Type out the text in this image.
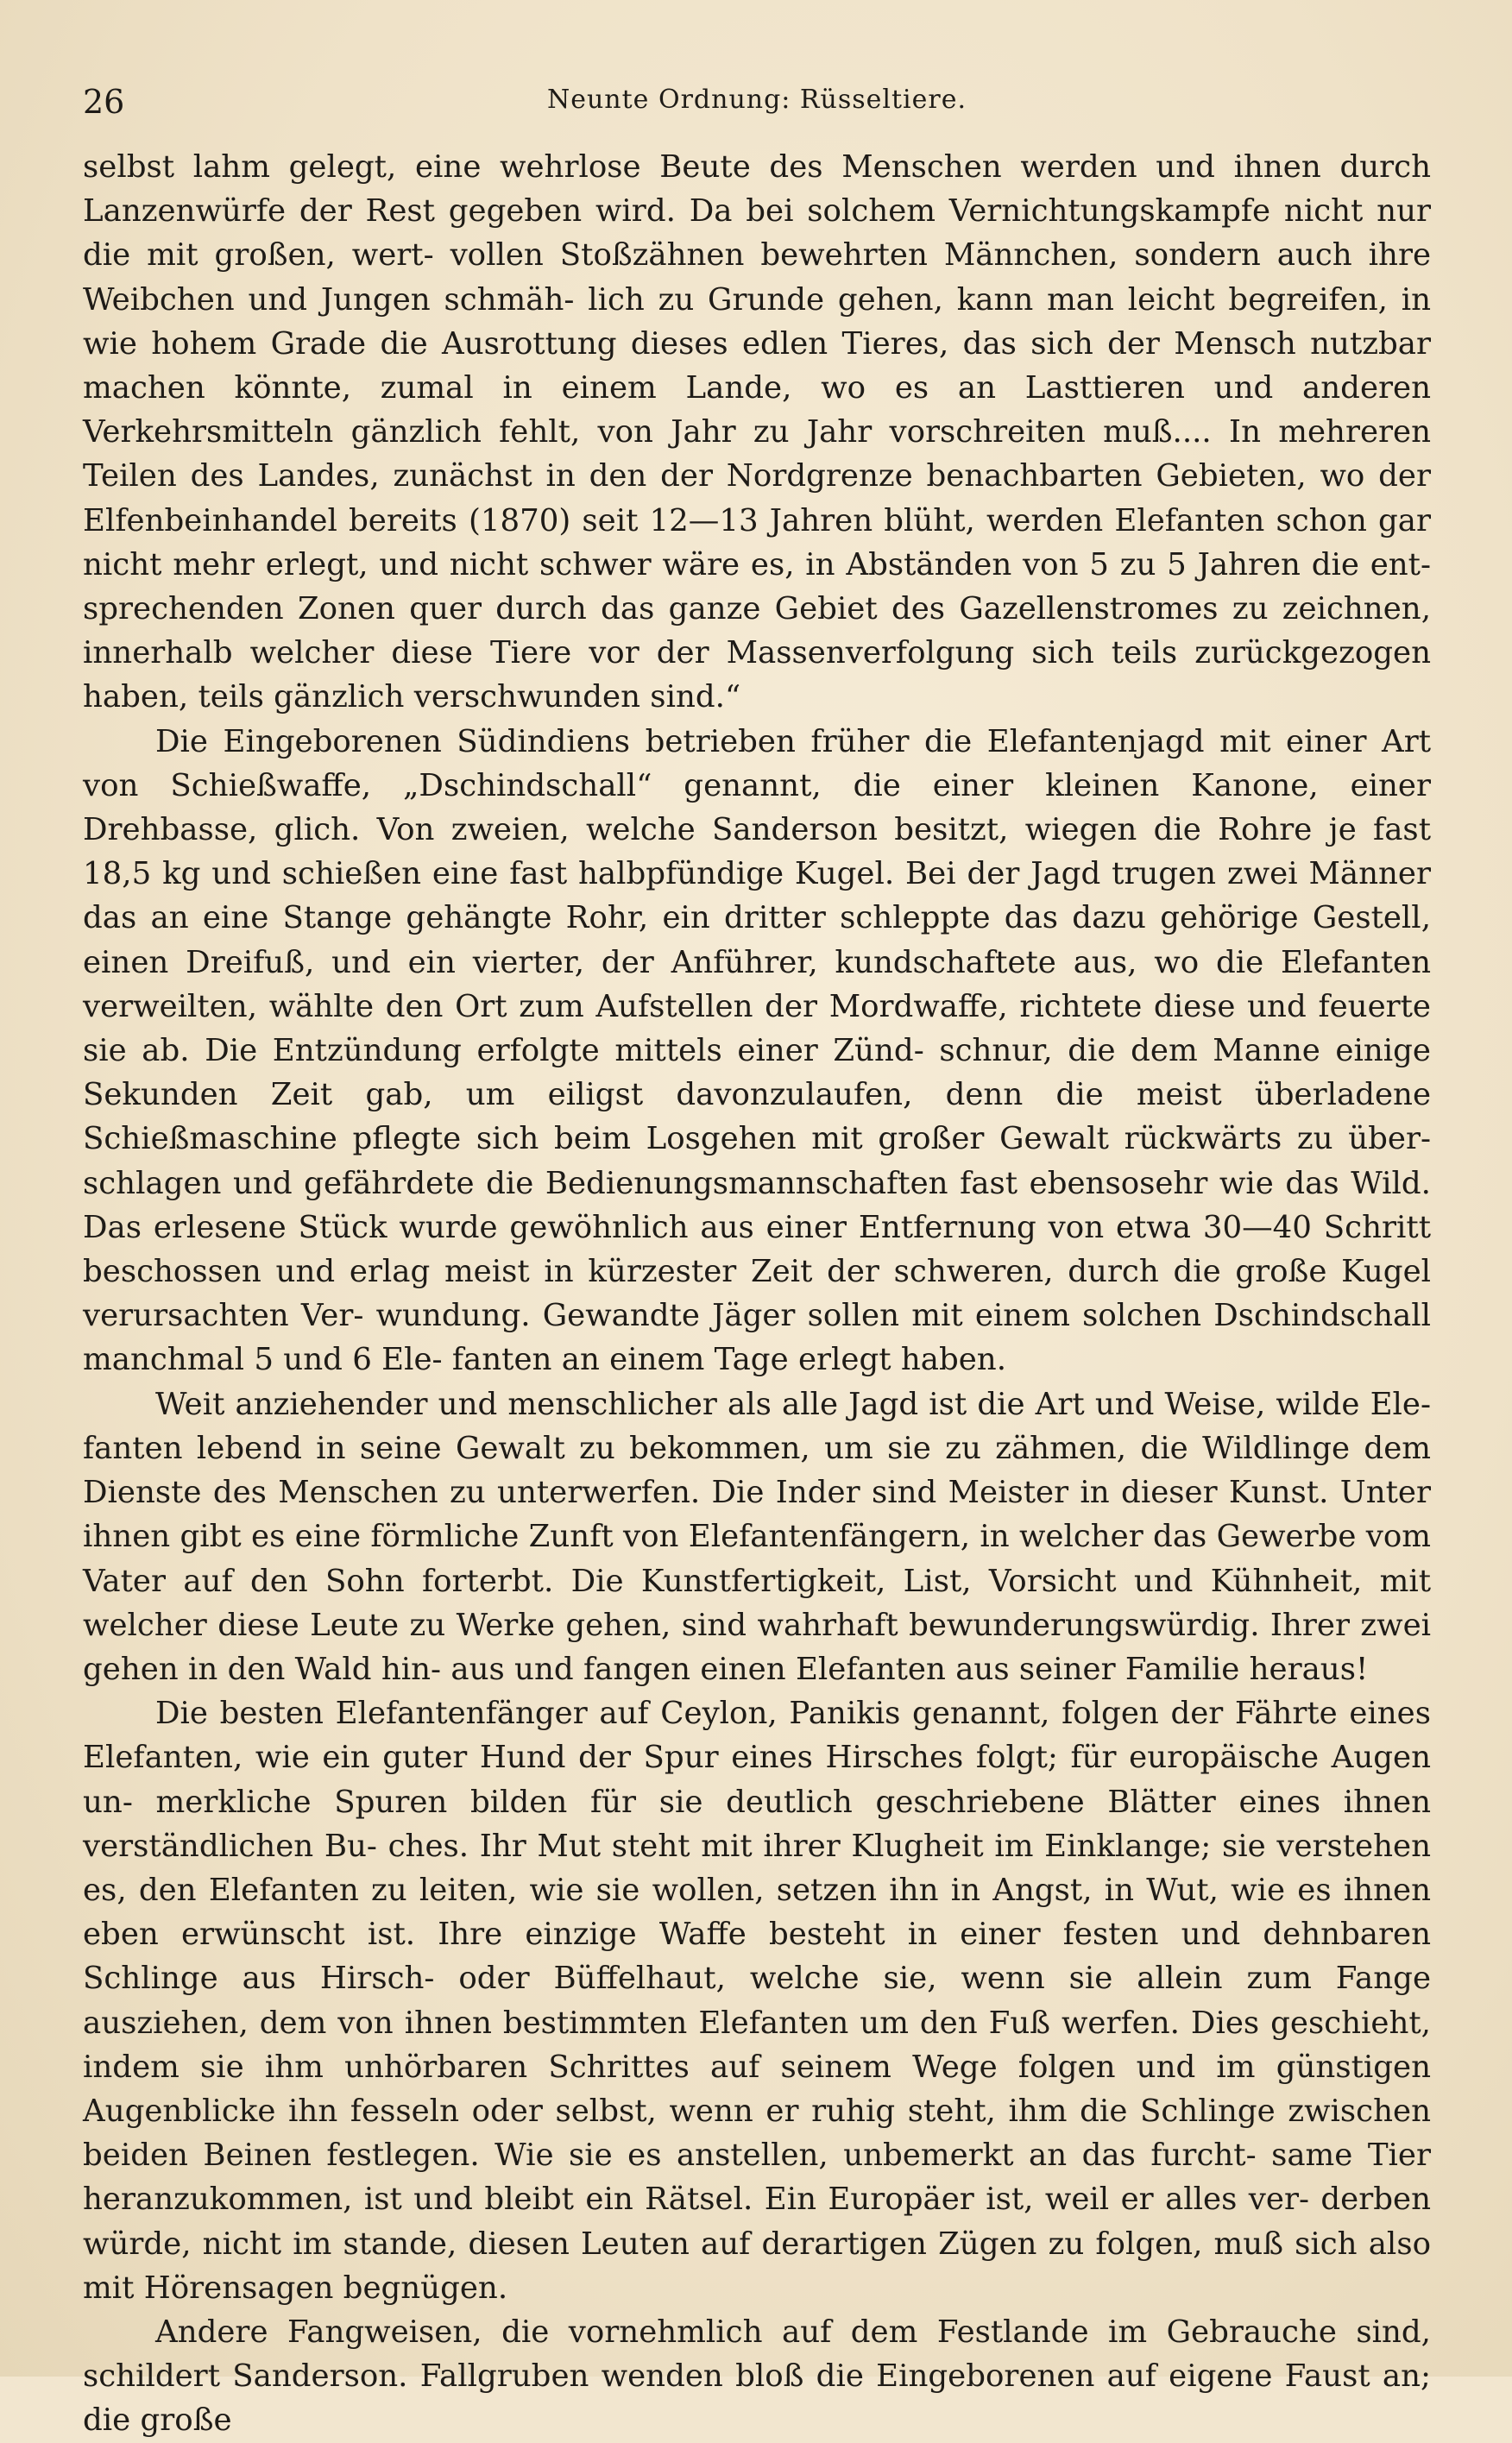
26	Neunte Ordnung: Rüsseltiere.

selbst lahm gelegt, eine wehrlose Beute des Menschen werden und ihnen durch Lanzenwürfe der Rest gegeben wird. Da bei solchem Vernichtungskampfe nicht nur die mit großen, wert- vollen Stoßzähnen bewehrten Männchen, sondern auch ihre Weibchen und Jungen schmäh- lich zu Grunde gehen, kann man leicht begreifen, in wie hohem Grade die Ausrottung dieses edlen Tieres, das sich der Mensch nutzbar machen könnte, zumal in einem Lande, wo es an Lasttieren und anderen Verkehrsmitteln gänzlich fehlt, von Jahr zu Jahr vorschreiten muß.... In mehreren Teilen des Landes, zunächst in den der Nordgrenze benachbarten Gebieten, wo der Elfenbeinhandel bereits (1870) seit 12—13 Jahren blüht, werden Elefanten schon gar nicht mehr erlegt, und nicht schwer wäre es, in Abständen von 5 zu 5 Jahren die ent- sprechenden Zonen quer durch das ganze Gebiet des Gazellenstromes zu zeichnen, innerhalb welcher diese Tiere vor der Massenverfolgung sich teils zurückgezogen haben, teils gänzlich verschwunden sind.“

Die Eingeborenen Südindiens betrieben früher die Elefantenjagd mit einer Art von Schießwaffe, „Dschindschall“ genannt, die einer kleinen Kanone, einer Drehbasse, glich. Von zweien, welche Sanderson besitzt, wiegen die Rohre je fast 18,5 kg und schießen eine fast halbpfündige Kugel. Bei der Jagd trugen zwei Männer das an eine Stange gehängte Rohr, ein dritter schleppte das dazu gehörige Gestell, einen Dreifuß, und ein vierter, der Anführer, kundschaftete aus, wo die Elefanten verweilten, wählte den Ort zum Aufstellen der Mordwaffe, richtete diese und feuerte sie ab. Die Entzündung erfolgte mittels einer Zünd- schnur, die dem Manne einige Sekunden Zeit gab, um eiligst davonzulaufen, denn die meist überladene Schießmaschine pflegte sich beim Losgehen mit großer Gewalt rückwärts zu über- schlagen und gefährdete die Bedienungsmannschaften fast ebensosehr wie das Wild. Das erlesene Stück wurde gewöhnlich aus einer Entfernung von etwa 30—40 Schritt beschossen und erlag meist in kürzester Zeit der schweren, durch die große Kugel verursachten Ver- wundung. Gewandte Jäger sollen mit einem solchen Dschindschall manchmal 5 und 6 Ele- fanten an einem Tage erlegt haben.

Weit anziehender und menschlicher als alle Jagd ist die Art und Weise, wilde Ele- fanten lebend in seine Gewalt zu bekommen, um sie zu zähmen, die Wildlinge dem Dienste des Menschen zu unterwerfen. Die Inder sind Meister in dieser Kunst. Unter ihnen gibt es eine förmliche Zunft von Elefantenfängern, in welcher das Gewerbe vom Vater auf den Sohn forterbt. Die Kunstfertigkeit, List, Vorsicht und Kühnheit, mit welcher diese Leute zu Werke gehen, sind wahrhaft bewunderungswürdig. Ihrer zwei gehen in den Wald hin- aus und fangen einen Elefanten aus seiner Familie heraus!

Die besten Elefantenfänger auf Ceylon, Panikis genannt, folgen der Fährte eines Elefanten, wie ein guter Hund der Spur eines Hirsches folgt; für europäische Augen un- merkliche Spuren bilden für sie deutlich geschriebene Blätter eines ihnen verständlichen Bu- ches. Ihr Mut steht mit ihrer Klugheit im Einklange; sie verstehen es, den Elefanten zu leiten, wie sie wollen, setzen ihn in Angst, in Wut, wie es ihnen eben erwünscht ist. Ihre einzige Waffe besteht in einer festen und dehnbaren Schlinge aus Hirsch- oder Büffelhaut, welche sie, wenn sie allein zum Fange ausziehen, dem von ihnen bestimmten Elefanten um den Fuß werfen. Dies geschieht, indem sie ihm unhörbaren Schrittes auf seinem Wege folgen und im günstigen Augenblicke ihn fesseln oder selbst, wenn er ruhig steht, ihm die Schlinge zwischen beiden Beinen festlegen. Wie sie es anstellen, unbemerkt an das furcht- same Tier heranzukommen, ist und bleibt ein Rätsel. Ein Europäer ist, weil er alles ver- derben würde, nicht im stande, diesen Leuten auf derartigen Zügen zu folgen, muß sich also mit Hörensagen begnügen.

Andere Fangweisen, die vornehmlich auf dem Festlande im Gebrauche sind, schildert Sanderson. Fallgruben wenden bloß die Eingeborenen auf eigene Faust an; die große
